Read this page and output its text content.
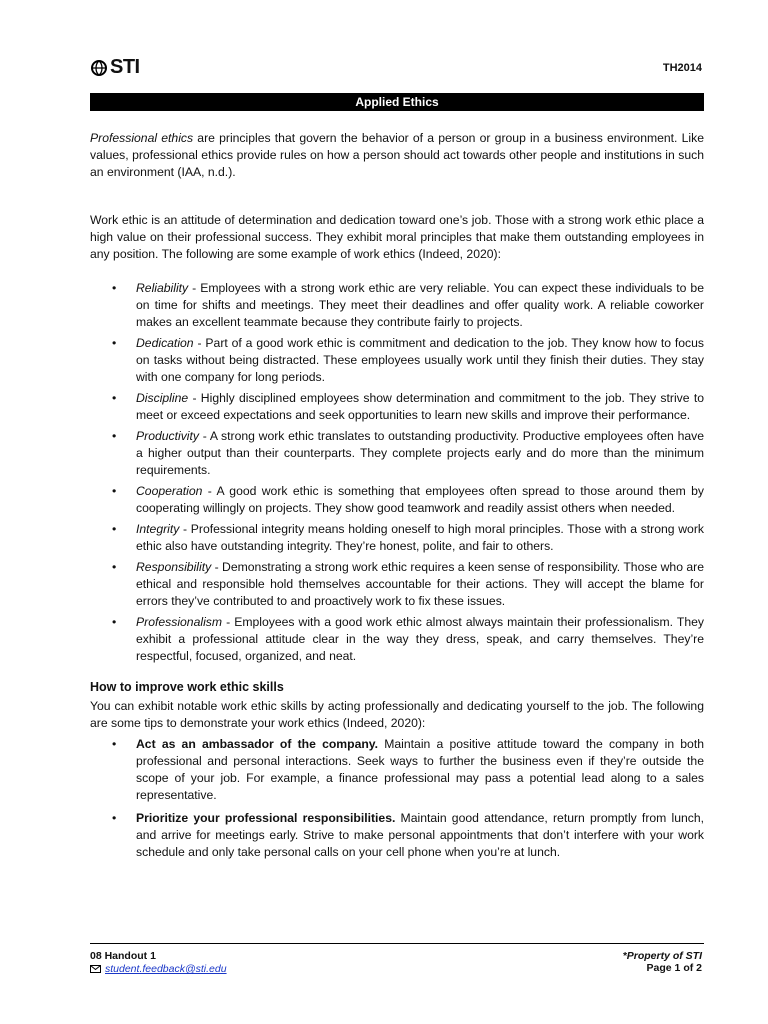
STI	TH2014
Applied Ethics

Professional ethics are principles that govern the behavior of a person or group in a business environment. Like values, professional ethics provide rules on how a person should act towards other people and institutions in such an environment (IAA, n.d.).

Work ethic is an attitude of determination and dedication toward one’s job. Those with a strong work ethic place a high value on their professional success. They exhibit moral principles that make them outstanding employees in any position. The following are some example of work ethics (Indeed, 2020):

• Reliability - Employees with a strong work ethic are very reliable. You can expect these individuals to be on time for shifts and meetings. They meet their deadlines and offer quality work. A reliable coworker makes an excellent teammate because they contribute fairly to projects.
• Dedication - Part of a good work ethic is commitment and dedication to the job. They know how to focus on tasks without being distracted. These employees usually work until they finish their duties. They stay with one company for long periods.
• Discipline - Highly disciplined employees show determination and commitment to the job. They strive to meet or exceed expectations and seek opportunities to learn new skills and improve their performance.
• Productivity - A strong work ethic translates to outstanding productivity. Productive employees often have a higher output than their counterparts. They complete projects early and do more than the minimum requirements.
• Cooperation - A good work ethic is something that employees often spread to those around them by cooperating willingly on projects. They show good teamwork and readily assist others when needed.
• Integrity - Professional integrity means holding oneself to high moral principles. Those with a strong work ethic also have outstanding integrity. They’re honest, polite, and fair to others.
• Responsibility - Demonstrating a strong work ethic requires a keen sense of responsibility. Those who are ethical and responsible hold themselves accountable for their actions. They will accept the blame for errors they’ve contributed to and proactively work to fix these issues.
• Professionalism - Employees with a good work ethic almost always maintain their professionalism. They exhibit a professional attitude clear in the way they dress, speak, and carry themselves. They’re respectful, focused, organized, and neat.
How to improve work ethic skills

You can exhibit notable work ethic skills by acting professionally and dedicating yourself to the job. The following are some tips to demonstrate your work ethics (Indeed, 2020):

• Act as an ambassador of the company. Maintain a positive attitude toward the company in both professional and personal interactions. Seek ways to further the business even if they’re outside the scope of your job. For example, a finance professional may pass a potential lead along to a sales representative.
• Prioritize your professional responsibilities. Maintain good attendance, return promptly from lunch, and arrive for meetings early. Strive to make personal appointments that don’t interfere with your work schedule and only take personal calls on your cell phone when you’re at lunch.
08 Handout 1
student.feedback@sti.edu
*Property of STI
Page 1 of 2
